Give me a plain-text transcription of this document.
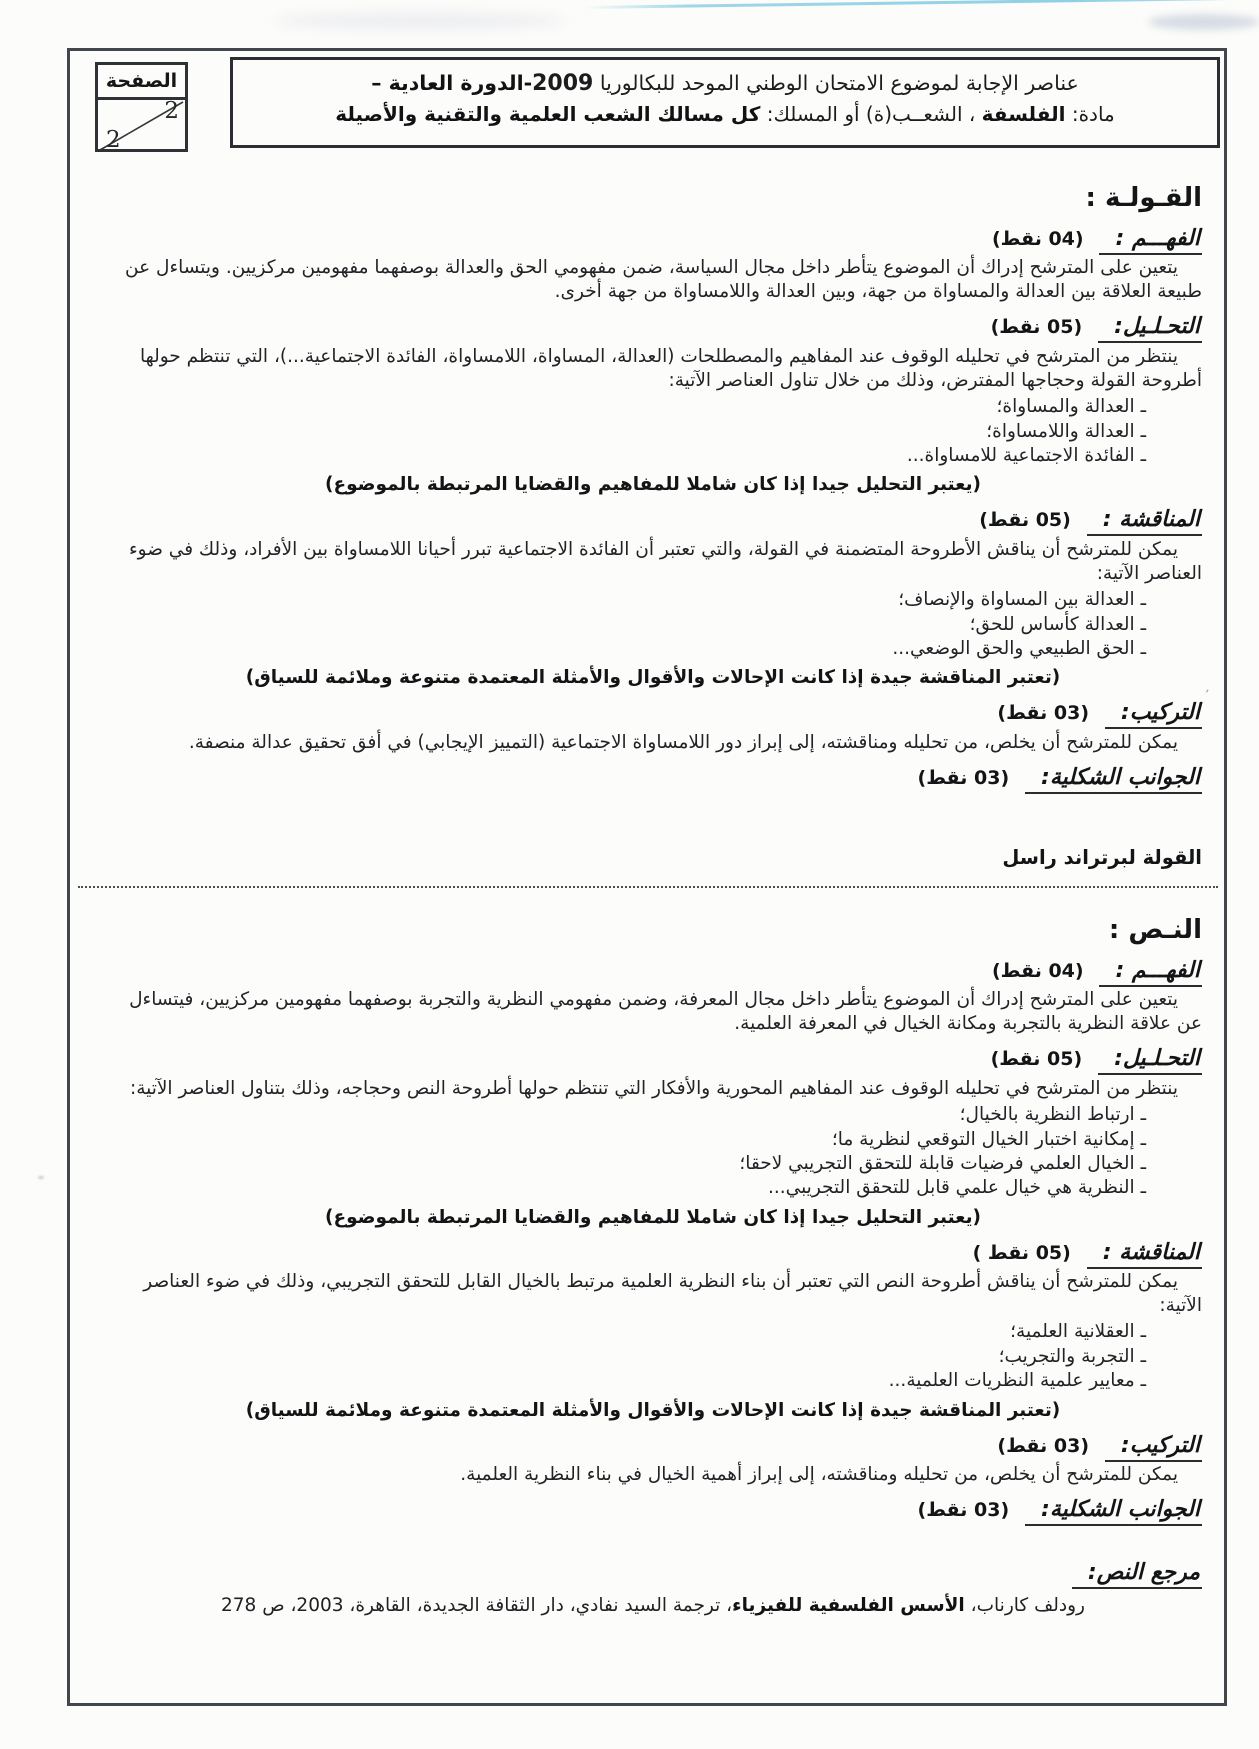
’
الصفحة
2
2
عناصر الإجابة لموضوع الامتحان الوطني الموحد للبكالوريا 2009-الدورة العادية –
مادة: الفلسفة ، الشعــب(ة) أو المسلك: كل مسالك الشعب العلمية والتقنية والأصيلة
القـولـة :
الفهـــم : (04 نقط)
يتعين على المترشح إدراك أن الموضوع يتأطر داخل مجال السياسة، ضمن مفهومي الحق والعدالة بوصفهما مفهومين مركزيين. ويتساءل عن
طبيعة العلاقة بين العدالة والمساواة من جهة، وبين العدالة واللامساواة من جهة أخرى.
التحـلـيل: (05 نقط)
ينتظر من المترشح في تحليله الوقوف عند المفاهيم والمصطلحات (العدالة، المساواة، اللامساواة، الفائدة الاجتماعية...)، التي تنتظم حولها
أطروحة القولة وحجاجها المفترض، وذلك من خلال تناول العناصر الآتية:
ـ العدالة والمساواة؛
ـ العدالة واللامساواة؛
ـ الفائدة الاجتماعية للامساواة...
(يعتبر التحليل جيدا إذا كان شاملا للمفاهيم والقضايا المرتبطة بالموضوع)
المناقشة : (05 نقط)
يمكن للمترشح أن يناقش الأطروحة المتضمنة في القولة، والتي تعتبر أن الفائدة الاجتماعية تبرر أحيانا اللامساواة بين الأفراد، وذلك في ضوء
العناصر الآتية:
ـ العدالة بين المساواة والإنصاف؛
ـ العدالة كأساس للحق؛
ـ الحق الطبيعي والحق الوضعي...
(تعتبر المناقشة جيدة إذا كانت الإحالات والأقوال والأمثلة المعتمدة متنوعة وملائمة للسياق)
التركيب: (03 نقط)
يمكن للمترشح أن يخلص، من تحليله ومناقشته، إلى إبراز دور اللامساواة الاجتماعية (التمييز الإيجابي) في أفق تحقيق عدالة منصفة.
الجوانب الشكلية: (03 نقط)
القولة لبرتراند راسل
النـص :
الفهـــم : (04 نقط)
يتعين على المترشح إدراك أن الموضوع يتأطر داخل مجال المعرفة، وضمن مفهومي النظرية والتجربة بوصفهما مفهومين مركزيين، فيتساءل
عن علاقة النظرية بالتجربة ومكانة الخيال في المعرفة العلمية.
التحـلـيل: (05 نقط)
ينتظر من المترشح في تحليله الوقوف عند المفاهيم المحورية والأفكار التي تنتظم حولها أطروحة النص وحجاجه، وذلك بتناول العناصر الآتية:
ـ ارتباط النظرية بالخيال؛
ـ إمكانية اختبار الخيال التوقعي لنظرية ما؛
ـ الخيال العلمي فرضيات قابلة للتحقق التجريبي لاحقا؛
ـ النظرية هي خيال علمي قابل للتحقق التجريبي...
(يعتبر التحليل جيدا إذا كان شاملا للمفاهيم والقضايا المرتبطة بالموضوع)
المناقشة : (05 نقط )
يمكن للمترشح أن يناقش أطروحة النص التي تعتبر أن بناء النظرية العلمية مرتبط بالخيال القابل للتحقق التجريبي، وذلك في ضوء العناصر
الآتية:
ـ العقلانية العلمية؛
ـ التجربة والتجريب؛
ـ معايير علمية النظريات العلمية...
(تعتبر المناقشة جيدة إذا كانت الإحالات والأقوال والأمثلة المعتمدة متنوعة وملائمة للسياق)
التركيب: (03 نقط)
يمكن للمترشح أن يخلص، من تحليله ومناقشته، إلى إبراز أهمية الخيال في بناء النظرية العلمية.
الجوانب الشكلية: (03 نقط)
مرجع النص:
رودلف كارناب، الأسس الفلسفية للفيزياء، ترجمة السيد نفادي، دار الثقافة الجديدة، القاهرة، 2003، ص 278
